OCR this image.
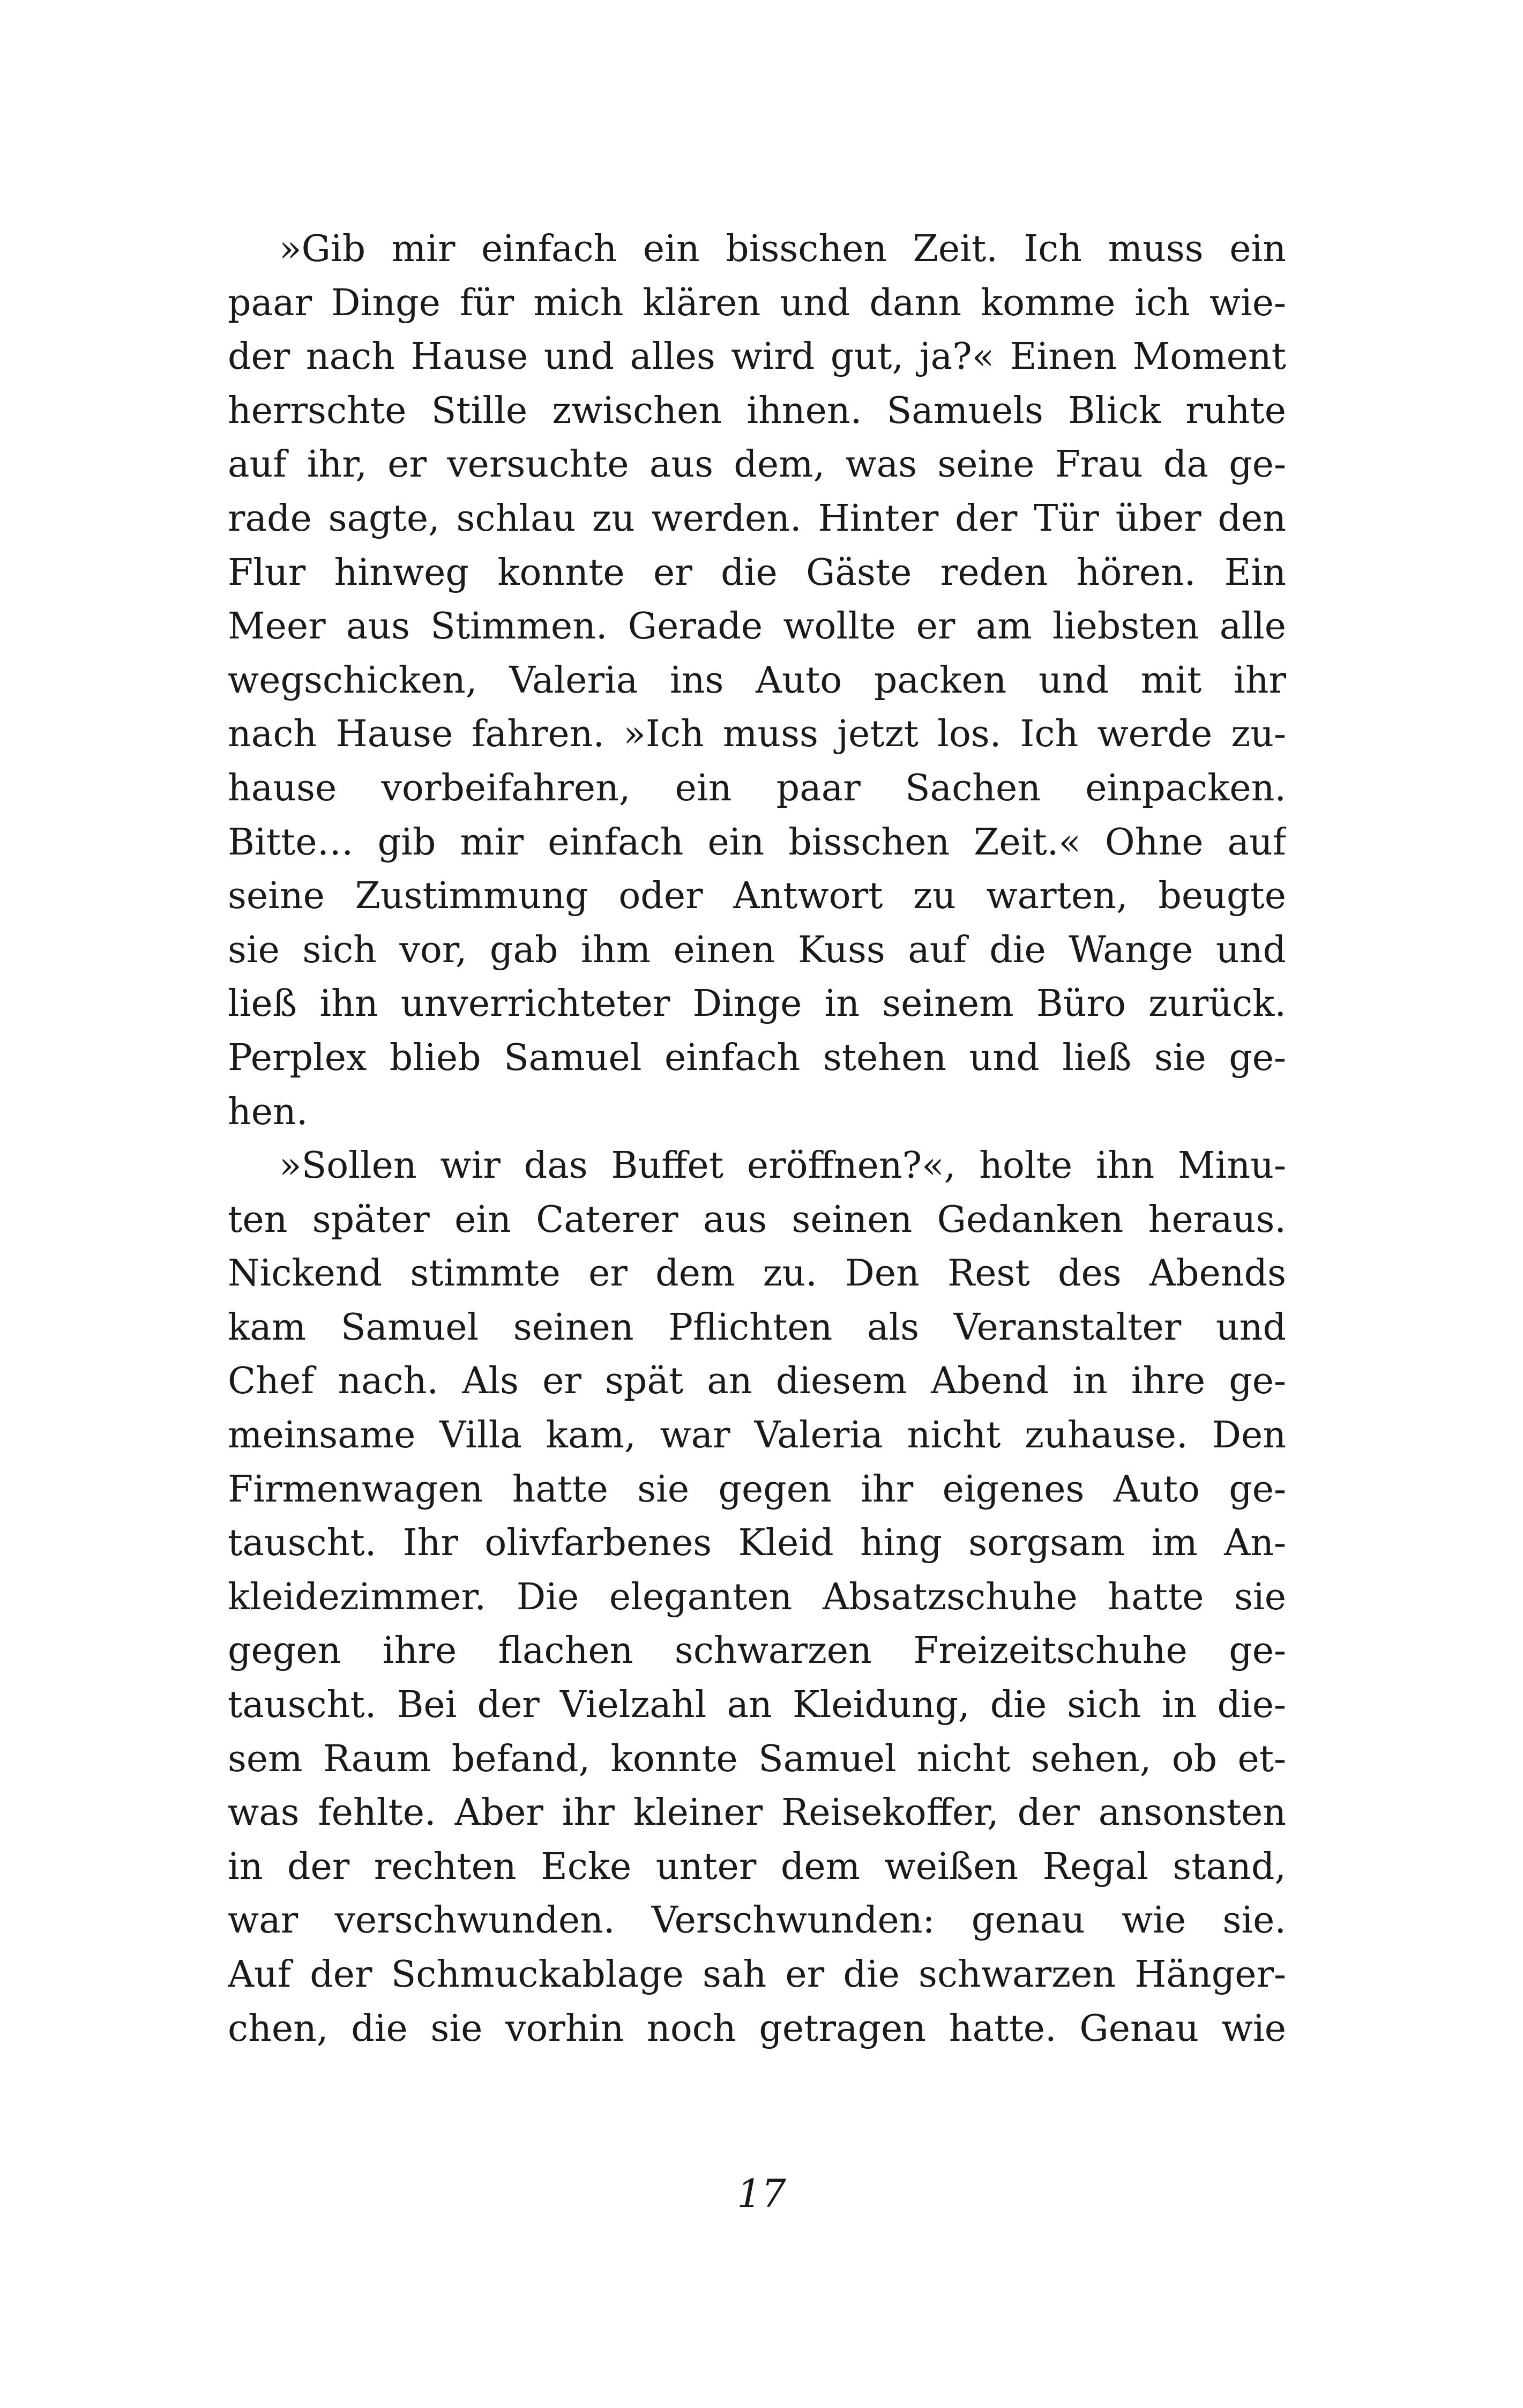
»Gib mir einfach ein bisschen Zeit. Ich muss ein
paar Dinge für mich klären und dann komme ich wie-
der nach Hause und alles wird gut, ja?« Einen Moment
herrschte Stille zwischen ihnen. Samuels Blick ruhte
auf ihr, er versuchte aus dem, was seine Frau da ge-
rade sagte, schlau zu werden. Hinter der Tür über den
Flur hinweg konnte er die Gäste reden hören. Ein
Meer aus Stimmen. Gerade wollte er am liebsten alle
wegschicken, Valeria ins Auto packen und mit ihr
nach Hause fahren. »Ich muss jetzt los. Ich werde zu-
hause vorbeifahren, ein paar Sachen einpacken.
Bitte… gib mir einfach ein bisschen Zeit.« Ohne auf
seine Zustimmung oder Antwort zu warten, beugte
sie sich vor, gab ihm einen Kuss auf die Wange und
ließ ihn unverrichteter Dinge in seinem Büro zurück.
Perplex blieb Samuel einfach stehen und ließ sie ge-
hen.
»Sollen wir das Buffet eröffnen?«, holte ihn Minu-
ten später ein Caterer aus seinen Gedanken heraus.
Nickend stimmte er dem zu. Den Rest des Abends
kam Samuel seinen Pflichten als Veranstalter und
Chef nach. Als er spät an diesem Abend in ihre ge-
meinsame Villa kam, war Valeria nicht zuhause. Den
Firmenwagen hatte sie gegen ihr eigenes Auto ge-
tauscht. Ihr olivfarbenes Kleid hing sorgsam im An-
kleidezimmer. Die eleganten Absatzschuhe hatte sie
gegen ihre flachen schwarzen Freizeitschuhe ge-
tauscht. Bei der Vielzahl an Kleidung, die sich in die-
sem Raum befand, konnte Samuel nicht sehen, ob et-
was fehlte. Aber ihr kleiner Reisekoffer, der ansonsten
in der rechten Ecke unter dem weißen Regal stand,
war verschwunden. Verschwunden: genau wie sie.
Auf der Schmuckablage sah er die schwarzen Hänger-
chen, die sie vorhin noch getragen hatte. Genau wie
17
